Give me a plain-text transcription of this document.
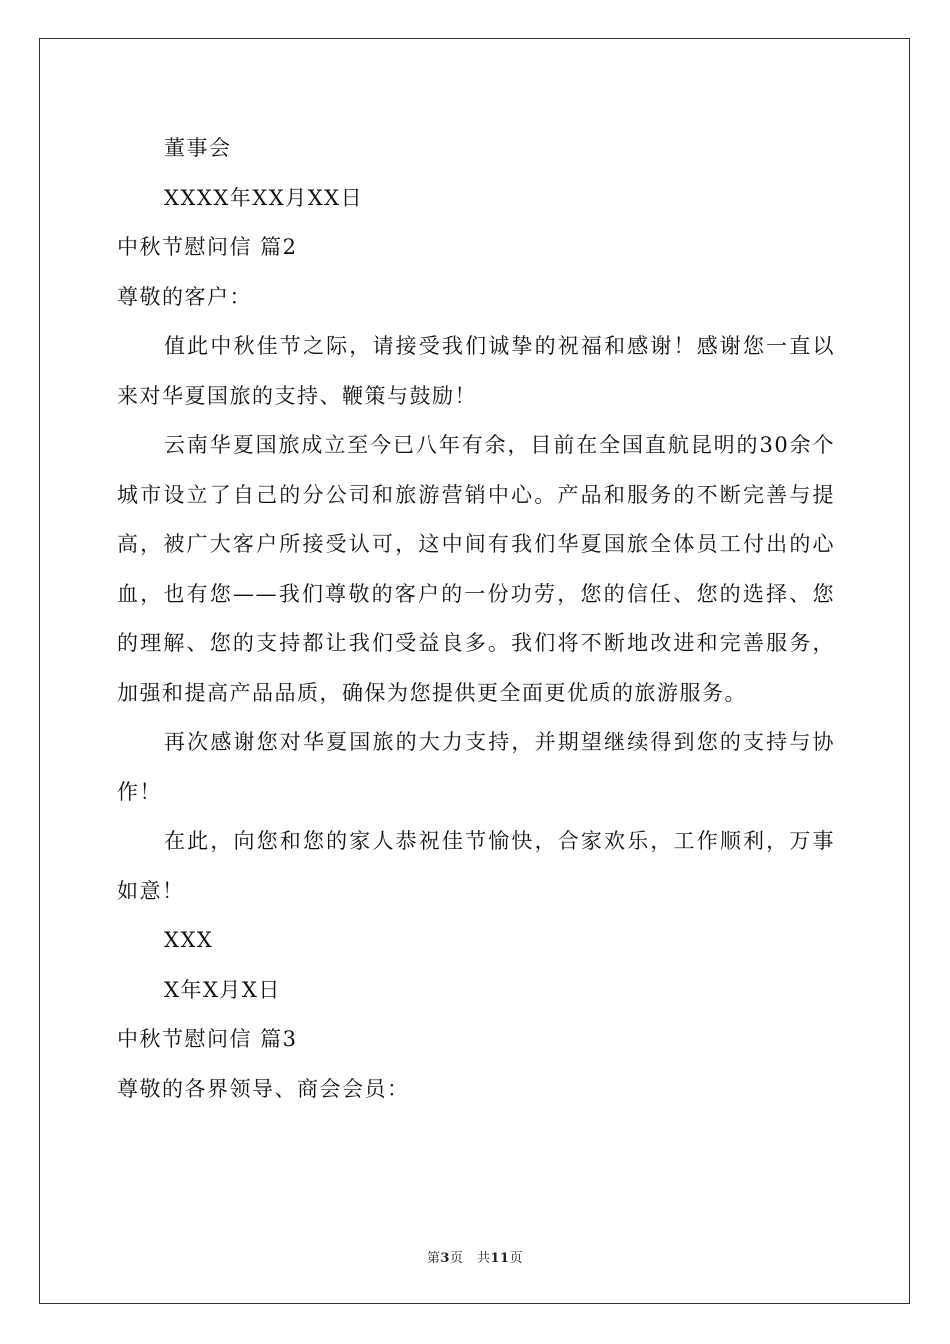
董事会
XXXX年XX月XX日
中秋节慰问信 篇2
尊敬的客户：
值此中秋佳节之际，请接受我们诚挚的祝福和感谢！感谢您一直以来对华夏国旅的支持、鞭策与鼓励！
云南华夏国旅成立至今已八年有余，目前在全国直航昆明的30余个城市设立了自己的分公司和旅游营销中心。产品和服务的不断完善与提高，被广大客户所接受认可，这中间有我们华夏国旅全体员工付出的心血，也有您——我们尊敬的客户的一份功劳，您的信任、您的选择、您的理解、您的支持都让我们受益良多。我们将不断地改进和完善服务，加强和提高产品品质，确保为您提供更全面更优质的旅游服务。
再次感谢您对华夏国旅的大力支持，并期望继续得到您的支持与协作！
在此，向您和您的家人恭祝佳节愉快，合家欢乐，工作顺利，万事如意！
XXX
X年X月X日
中秋节慰问信 篇3
尊敬的各界领导、商会会员：
第3页　共11页
